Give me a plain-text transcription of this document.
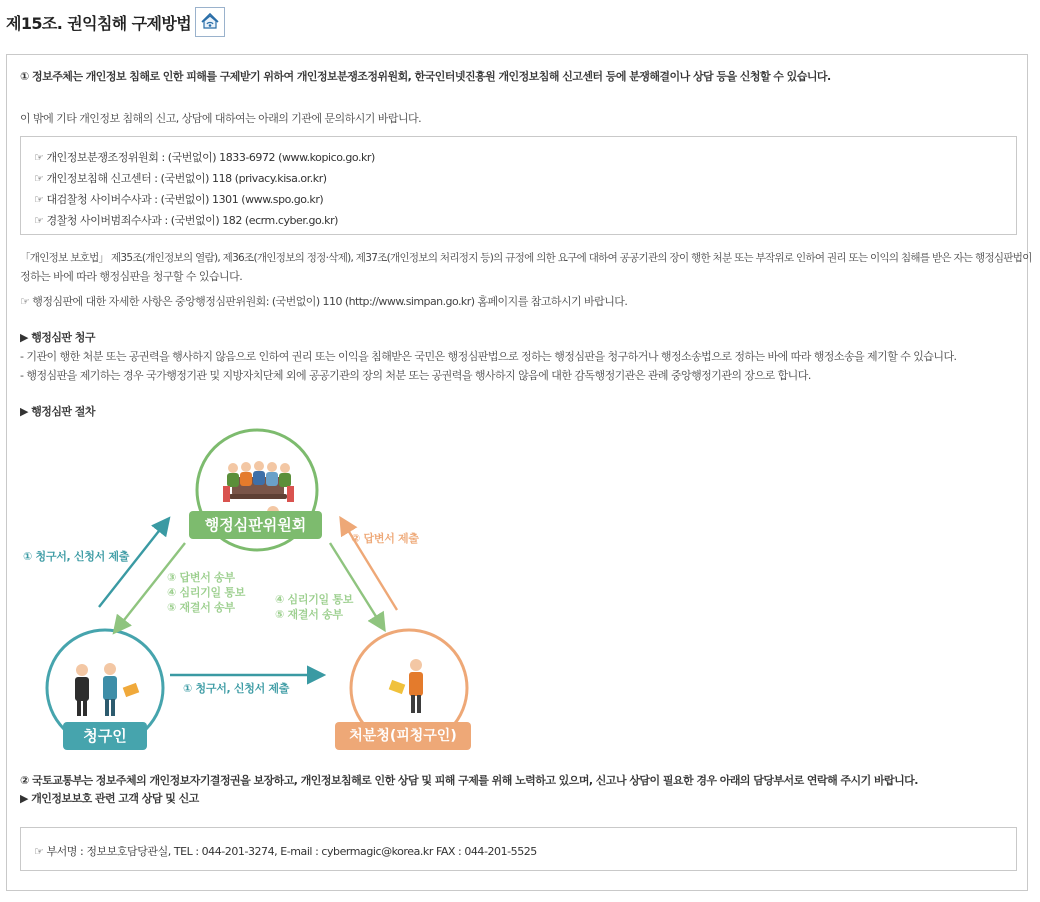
제15조. 권익침해 구제방법
① 정보주체는 개인정보 침해로 인한 피해를 구제받기 위하여 개인정보분쟁조정위원회, 한국인터넷진흥원 개인정보침해 신고센터 등에 분쟁해결이나 상담 등을 신청할 수 있습니다.
이 밖에 기타 개인정보 침해의 신고, 상담에 대하여는 아래의 기관에 문의하시기 바랍니다.
☞ 개인정보분쟁조정위원회 : (국번없이) 1833-6972 (www.kopico.go.kr)
☞ 개인정보침해 신고센터 : (국번없이) 118 (privacy.kisa.or.kr)
☞ 대검찰청 사이버수사과 : (국번없이) 1301 (www.spo.go.kr)
☞ 경찰청 사이버범죄수사과 : (국번없이) 182 (ecrm.cyber.go.kr)
「개인정보 보호법」 제35조(개인정보의 열람), 제36조(개인정보의 정정·삭제), 제37조(개인정보의 처리정지 등)의 규정에 의한 요구에 대하여 공공기관의 장이 행한 처분 또는 부작위로 인하여 권리 또는 이익의 침해를 받은 자는 행정심판법이
정하는 바에 따라 행정심판을 청구할 수 있습니다.
☞ 행정심판에 대한 자세한 사항은 중앙행정심판위원회: (국번없이) 110 (http://www.simpan.go.kr) 홈페이지를 참고하시기 바랍니다.
▶ 행정심판 청구
- 기관이 행한 처분 또는 공권력을 행사하지 않음으로 인하여 권리 또는 이익을 침해받은 국민은 행정심판법으로 정하는 행정심판을 청구하거나 행정소송법으로 정하는 바에 따라 행정소송을 제기할 수 있습니다.
- 행정심판을 제기하는 경우 국가행정기관 및 지방자치단체 외에 공공기관의 장의 처분 또는 공권력을 행사하지 않음에 대한 감독행정기관은 관례 중앙행정기관의 장으로 합니다.
▶ 행정심판 절차
행정심판위원회
청구인	처분청(피청구인)
① 청구서, 신청서 제출
② 답변서 제출
① 청구서, 신청서 제출
③ 답변서 송부
④ 심리기일 통보
⑤ 재결서 송부
④ 심리기일 통보
⑤ 재결서 송부
② 국토교통부는 정보주체의 개인정보자기결정권을 보장하고, 개인정보침해로 인한 상담 및 피해 구제를 위해 노력하고 있으며, 신고나 상담이 필요한 경우 아래의 담당부서로 연락해 주시기 바랍니다.
▶ 개인정보보호 관련 고객 상담 및 신고
☞ 부서명 : 정보보호담당관실, TEL : 044-201-3274, E-mail : cybermagic@korea.kr FAX : 044-201-5525
